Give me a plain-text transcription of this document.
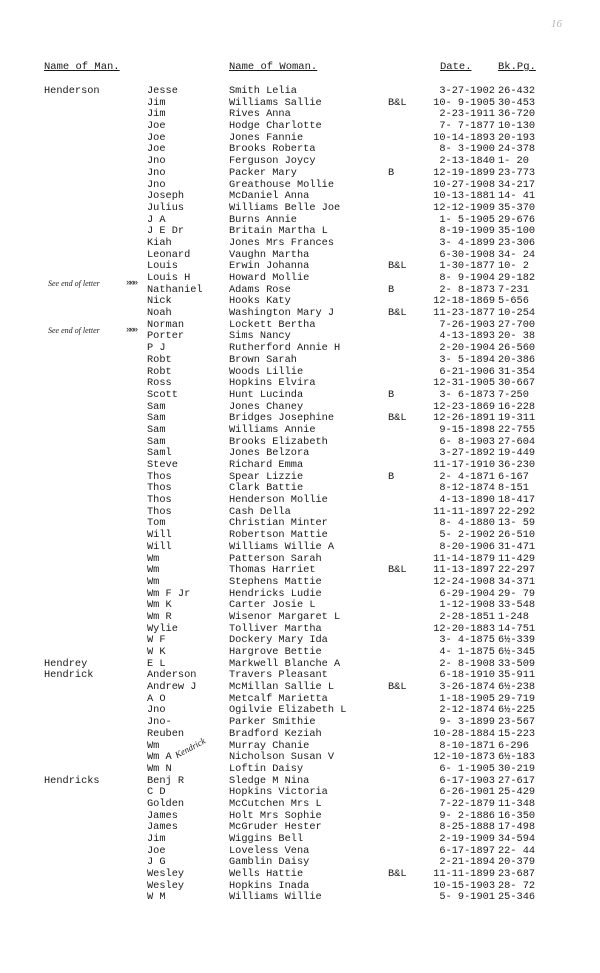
16
Name of Man.	Name of Woman.	Date.	Bk.Pg.
See end of letter	»»»
See end of letter	»»»
Kendrick
Henderson	Jesse	Smith Lelia	3-27-1902 26-432
Jim	Williams Sallie	B&L	10- 9-1905 30-453
Jim	Rives Anna	2-23-1911 36-720
Joe	Hodge Charlotte	7- 7-1877 10-130
Joe	Jones Fannie	10-14-1893 20-193
Joe	Brooks Roberta	8- 3-1900 24-378
Jno	Ferguson Joycy	2-13-1840 1- 20
Jno	Packer Mary	B	12-19-1899 23-773
Jno	Greathouse Mollie	10-27-1908 34-217
Joseph	McDaniel Anna	10-13-1881 14- 41
Julius	Williams Belle Joe	12-12-1909 35-370
J A	Burns Annie	1- 5-1905 29-676
J E Dr	Britain Martha L	8-19-1909 35-100
Kiah	Jones Mrs Frances	3- 4-1899 23-306
Leonard	Vaughn Martha	6-30-1908 34- 24
Louis	Erwin Johanna	B&L	1-30-1877 10- 2
Louis H	Howard Mollie	8- 9-1904 29-182
Nathaniel	Adams Rose	B	2- 8-1873 7-231
Nick	Hooks Katy	12-18-1869 5-656
Noah	Washington Mary J	B&L	11-23-1877 10-254
Norman	Lockett Bertha	7-26-1903 27-700
Porter	Sims Nancy	4-13-1893 20- 38
P J	Rutherford Annie H	2-20-1904 26-560
Robt	Brown Sarah	3- 5-1894 20-386
Robt	Woods Lillie	6-21-1906 31-354
Ross	Hopkins Elvira	12-31-1905 30-667
Scott	Hunt Lucinda	B	3- 6-1873 7-250
Sam	Jones Chaney	12-23-1869 16-228
Sam	Bridges Josephine	B&L	12-26-1891 19-311
Sam	Williams Annie	9-15-1898 22-755
Sam	Brooks Elizabeth	6- 8-1903 27-604
Saml	Jones Belzora	3-27-1892 19-449
Steve	Richard Emma	11-17-1910 36-230
Thos	Spear Lizzie	B	2- 4-1871 6-167
Thos	Clark Battie	8-12-1874 8-151
Thos	Henderson Mollie	4-13-1890 18-417
Thos	Cash Della	11-11-1897 22-292
Tom	Christian Minter	8- 4-1880 13- 59
Will	Robertson Mattie	5- 2-1902 26-510
Will	Williams Willie A	8-20-1906 31-471
Wm	Patterson Sarah	11-14-1879 11-429
Wm	Thomas Harriet	B&L	11-13-1897 22-297
Wm	Stephens Mattie	12-24-1908 34-371
Wm F Jr	Hendricks Ludie	6-29-1904 29- 79
Wm K	Carter Josie L	1-12-1908 33-548
Wm R	Wisenor Margaret L	2-28-1851 1-248
Wylie	Tolliver Martha	12-20-1883 14-751
W F	Dockery Mary Ida	3- 4-1875 6½-339
W K	Hargrove Bettie	4- 1-1875 6½-345
Hendrey	E L	Markwell Blanche A	2- 8-1908 33-509
Hendrick	Anderson	Travers Pleasant	6-18-1910 35-911
Andrew J	McMillan Sallie L	B&L	3-26-1874 6½-238
A O	Metcalf Marietta	1-18-1905 29-719
Jno	Ogilvie Elizabeth L	2-12-1874 6½-225
Jno-	Parker Smithie	9- 3-1899 23-567
Reuben	Bradford Keziah	10-28-1884 15-223
Wm	Murray Chanie	8-10-1871 6-296
Wm A	Nicholson Susan V	12-10-1873 6½-183
Wm N	Loftin Daisy	6- 1-1905 30-219
Hendricks	Benj R	Sledge M Nina	6-17-1903 27-617
C D	Hopkins Victoria	6-26-1901 25-429
Golden	McCutchen Mrs L	7-22-1879 11-348
James	Holt Mrs Sophie	9- 2-1886 16-350
James	McGruder Hester	8-25-1888 17-498
Jim	Wiggins Bell	2-19-1909 34-594
Joe	Loveless Vena	6-17-1897 22- 44
J G	Gamblin Daisy	2-21-1894 20-379
Wesley	Wells Hattie	B&L	11-11-1899 23-687
Wesley	Hopkins Inada	10-15-1903 28- 72
W M	Williams Willie	5- 9-1901 25-346
